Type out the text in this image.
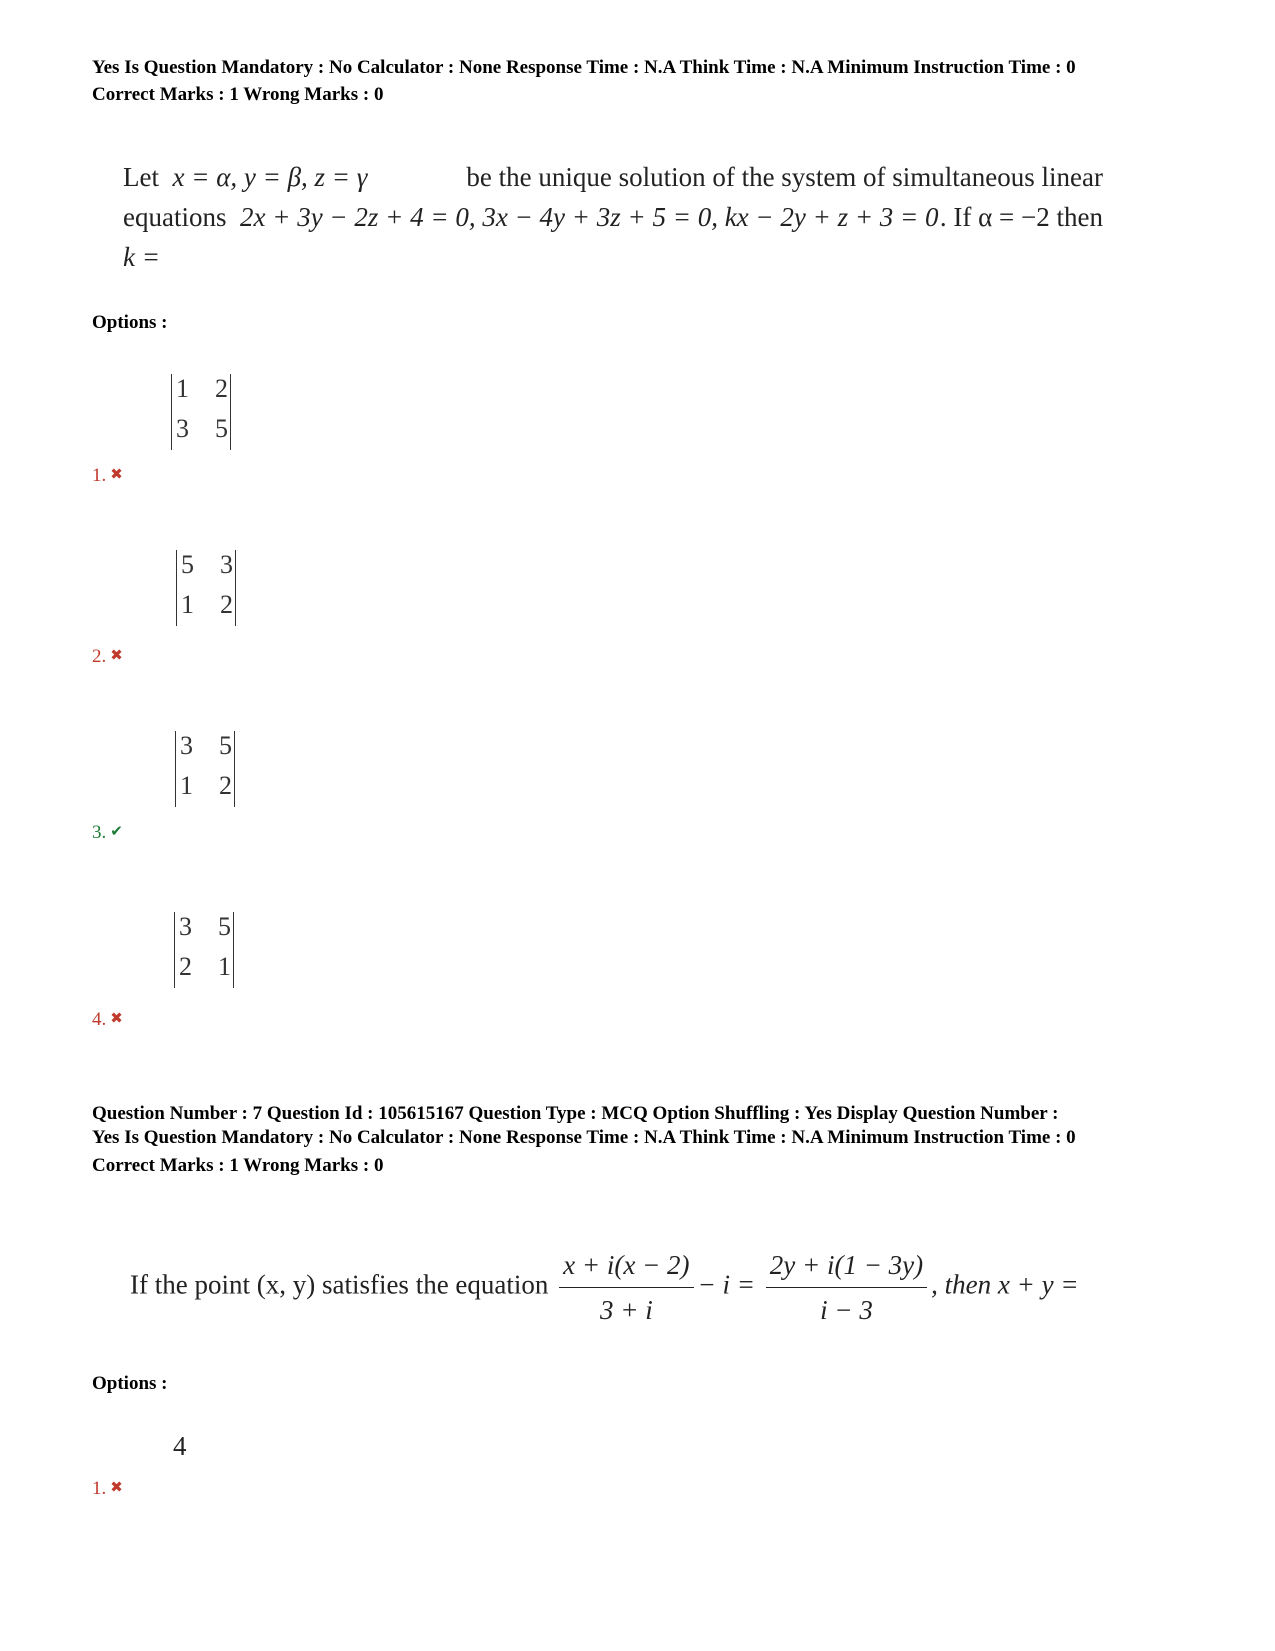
Yes Is Question Mandatory : No Calculator : None Response Time : N.A Think Time : N.A Minimum Instruction Time : 0
Correct Marks : 1 Wrong Marks : 0
Let x = α, y = β, z = γ	be the unique solution of the system of simultaneous linear
equations 2x + 3y − 2z + 4 = 0, 3x − 4y + 3z + 5 = 0, kx − 2y + z + 3 = 0 . If α = −2 then
k =
Options :
1 2
3 5
1. ✖
5 3
1 2
2. ✖
3 5
1 2
3. ✔
3 5
2 1
4. ✖
Question Number : 7 Question Id : 105615167 Question Type : MCQ Option Shuffling : Yes Display Question Number :
Yes Is Question Mandatory : No Calculator : None Response Time : N.A Think Time : N.A Minimum Instruction Time : 0
Correct Marks : 1 Wrong Marks : 0
If the point (x, y) satisfies the equation $\frac{x + i(x - 2)}{3 + i} - i = \frac{2y + i(1 - 3y)}{i - 3}$ , then x + y =
Options :
4
1. ✖
